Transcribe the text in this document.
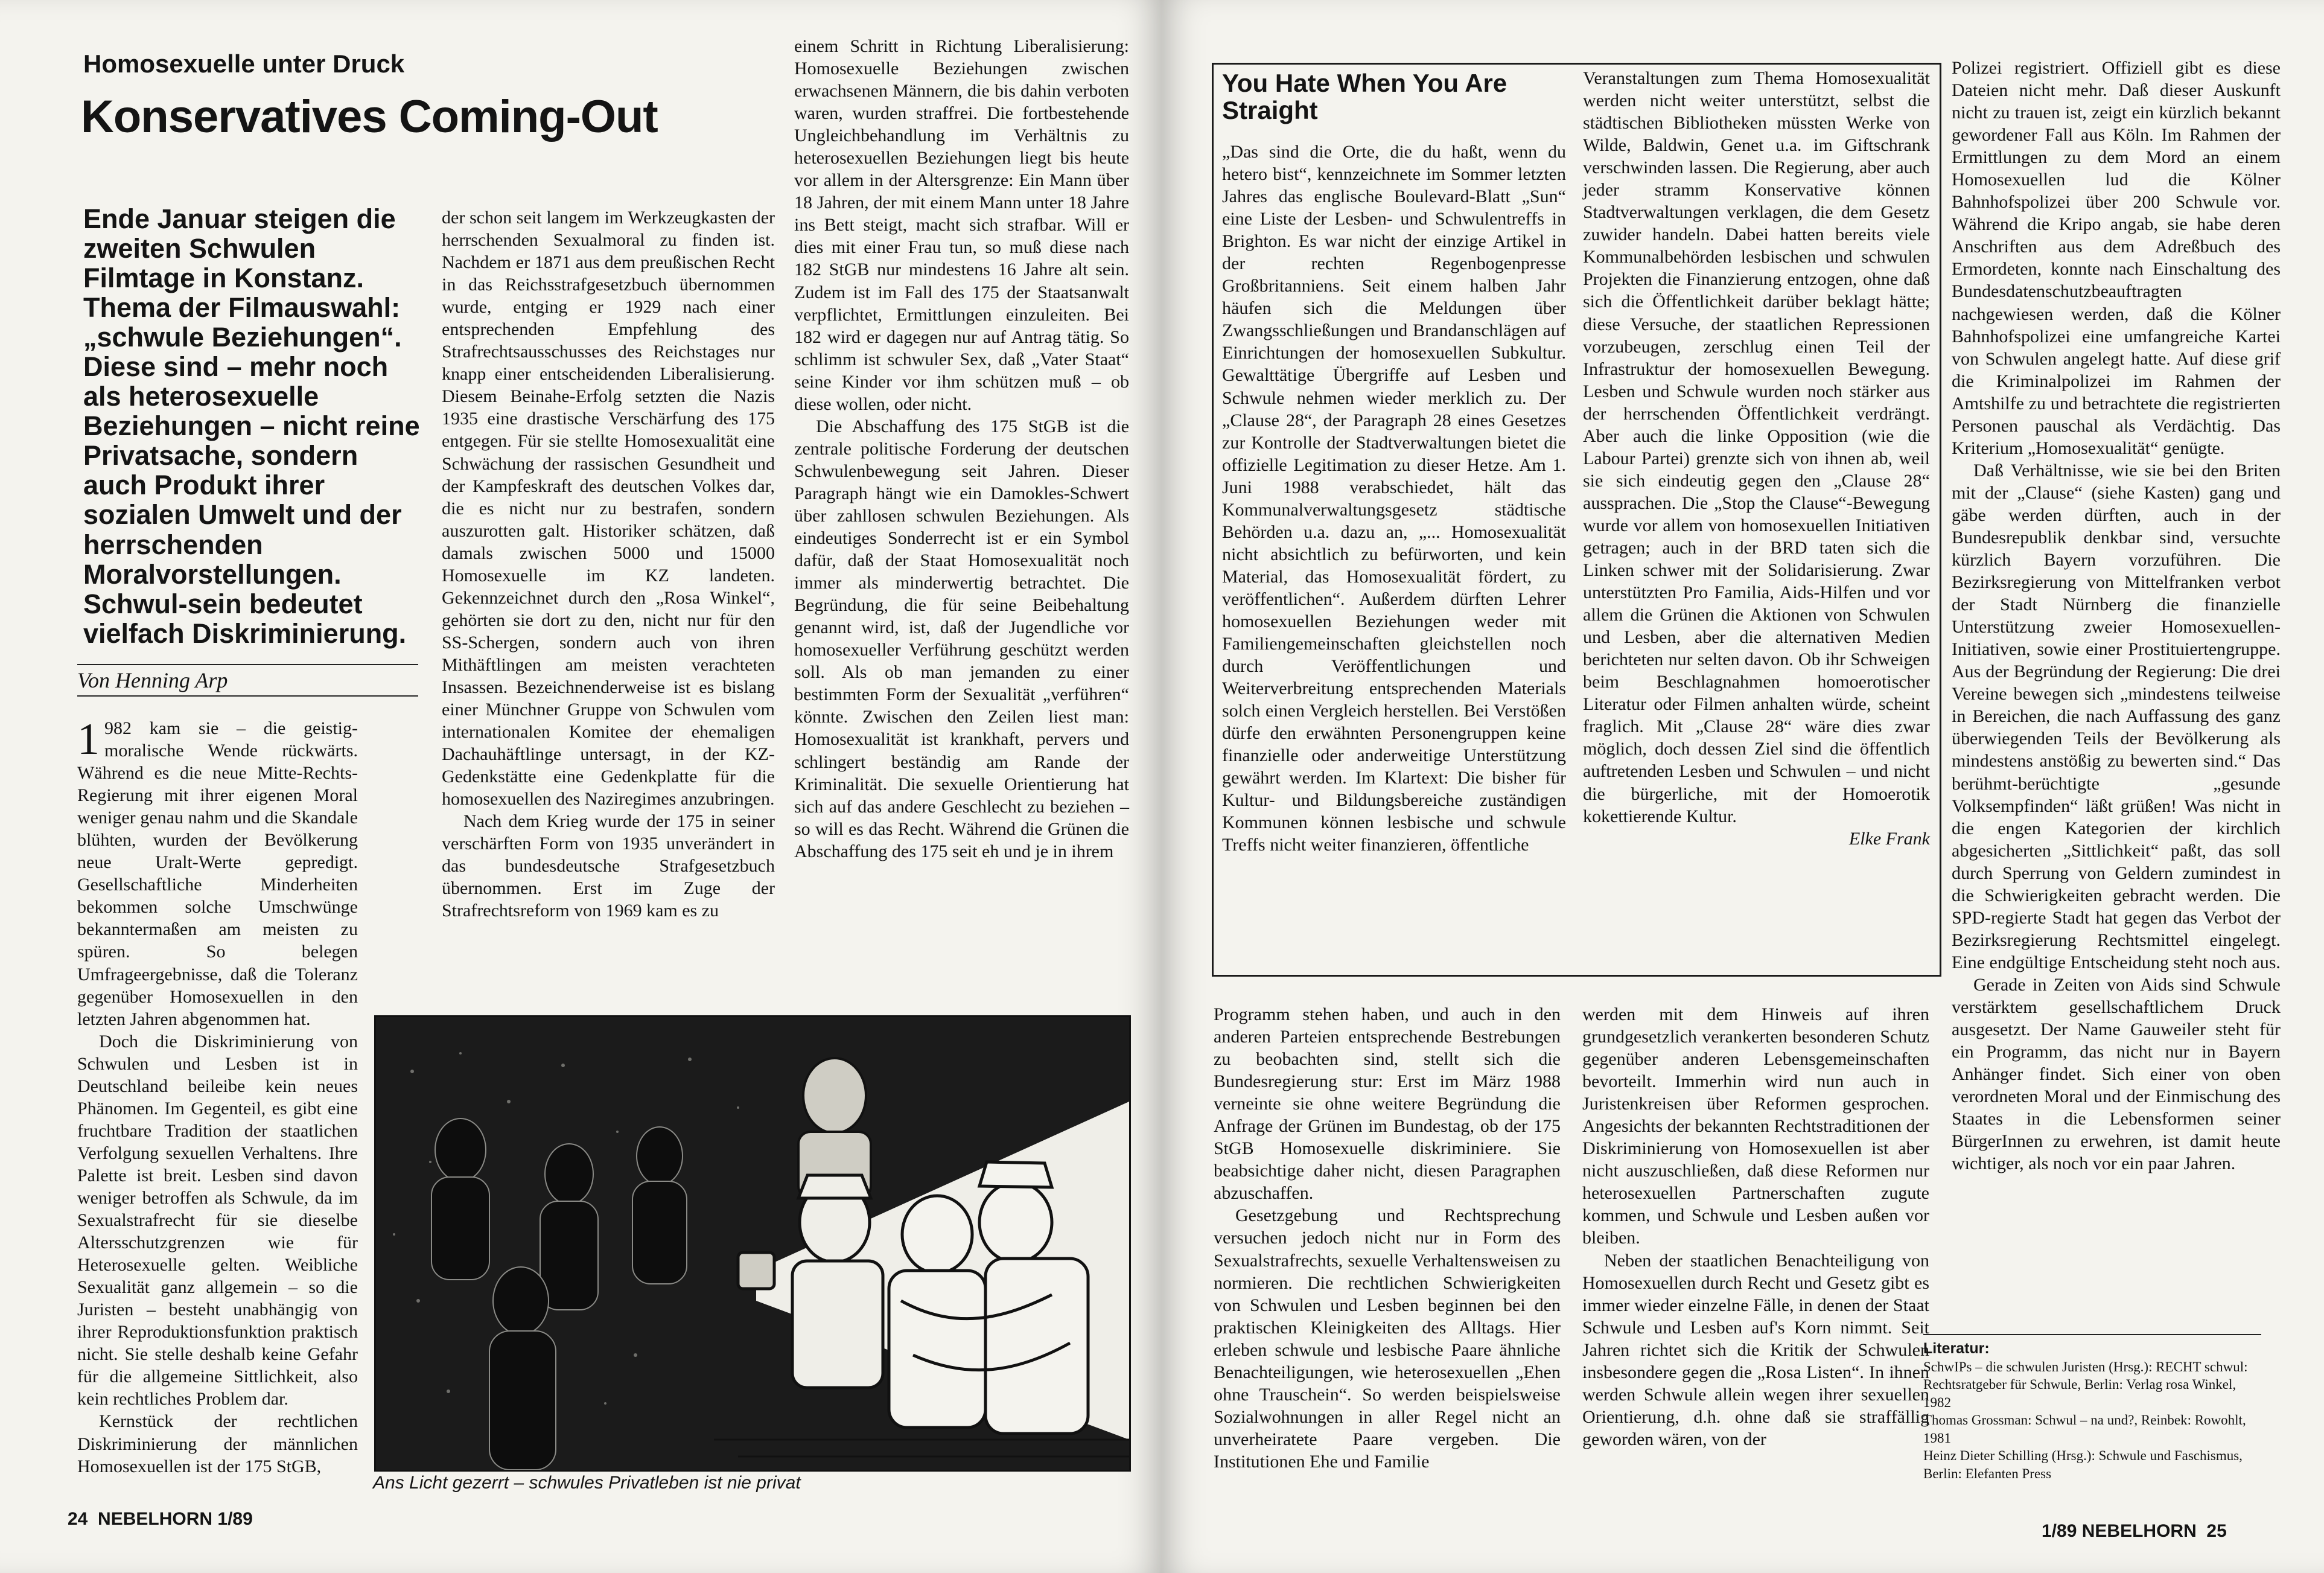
Homosexuelle unter Druck
Konservatives Coming-Out
Ende Januar steigen die zweiten Schwulen Filmtage in Konstanz. Thema der Filmauswahl: „schwule Beziehungen“. Diese sind – mehr noch als heterosexuelle Beziehungen – nicht reine Privatsache, sondern auch Produkt ihrer sozialen Umwelt und der herrschenden Moralvorstellungen. Schwul-sein bedeutet vielfach Diskriminierung.
Von Henning Arp

1 982 kam sie – die geistig-moralische Wende rückwärts. Während es die neue Mitte-Rechts-Regierung mit ihrer eigenen Moral weniger genau nahm und die Skandale blühten, wurden der Bevölkerung neue Uralt-Werte gepredigt. Gesellschaftliche Minderheiten bekommen solche Umschwünge bekanntermaßen am meisten zu spüren. So belegen Umfrageergebnisse, daß die Toleranz gegenüber Homosexuellen in den letzten Jahren abgenommen hat.

Doch die Diskriminierung von Schwulen und Lesben ist in Deutschland beileibe kein neues Phänomen. Im Gegenteil, es gibt eine fruchtbare Tradition der staatlichen Verfolgung sexuellen Verhaltens. Ihre Palette ist breit. Lesben sind davon weniger betroffen als Schwule, da im Sexualstrafrecht für sie dieselbe Altersschutzgrenzen wie für Heterosexuelle gelten. Weibliche Sexualität ganz allgemein – so die Juristen – besteht unabhängig von ihrer Reproduktionsfunktion praktisch nicht. Sie stelle deshalb keine Gefahr für die allgemeine Sittlichkeit, also kein rechtliches Problem dar.

Kernstück der rechtlichen Diskriminierung der männlichen Homosexuellen ist der 175 StGB,

der schon seit langem im Werkzeugkasten der herrschenden Sexualmoral zu finden ist. Nachdem er 1871 aus dem preußischen Recht in das Reichsstrafgesetzbuch übernommen wurde, entging er 1929 nach einer entsprechenden Empfehlung des Strafrechtsausschusses des Reichstages nur knapp einer entscheidenden Liberalisierung. Diesem Beinahe-Erfolg setzten die Nazis 1935 eine drastische Verschärfung des 175 entgegen. Für sie stellte Homosexualität eine Schwächung der rassischen Gesundheit und der Kampfeskraft des deutschen Volkes dar, die es nicht nur zu bestrafen, sondern auszurotten galt. Historiker schätzen, daß damals zwischen 5000 und 15000 Homosexuelle im KZ landeten. Gekennzeichnet durch den „Rosa Winkel“, gehörten sie dort zu den, nicht nur für den SS-Schergen, sondern auch von ihren Mithäftlingen am meisten verachteten Insassen. Bezeichnenderweise ist es bislang einer Münchner Gruppe von Schwulen vom internationalen Komitee der ehemaligen Dachauhäftlinge untersagt, in der KZ-Gedenkstätte eine Gedenkplatte für die homosexuellen des Naziregimes anzubringen.

Nach dem Krieg wurde der 175 in seiner verschärften Form von 1935 unverändert in das bundesdeutsche Strafgesetzbuch übernommen. Erst im Zuge der Strafrechtsreform von 1969 kam es zu

einem Schritt in Richtung Liberalisierung: Homosexuelle Beziehungen zwischen erwachsenen Männern, die bis dahin verboten waren, wurden straffrei. Die fortbestehende Ungleichbehandlung im Verhältnis zu heterosexuellen Beziehungen liegt bis heute vor allem in der Altersgrenze: Ein Mann über 18 Jahren, der mit einem Mann unter 18 Jahre ins Bett steigt, macht sich strafbar. Will er dies mit einer Frau tun, so muß diese nach 182 StGB nur mindestens 16 Jahre alt sein. Zudem ist im Fall des 175 der Staatsanwalt verpflichtet, Ermittlungen einzuleiten. Bei 182 wird er dagegen nur auf Antrag tätig. So schlimm ist schwuler Sex, daß „Vater Staat“ seine Kinder vor ihm schützen muß – ob diese wollen, oder nicht.

Die Abschaffung des 175 StGB ist die zentrale politische Forderung der deutschen Schwulenbewegung seit Jahren. Dieser Paragraph hängt wie ein Damokles-Schwert über zahllosen schwulen Beziehungen. Als eindeutiges Sonderrecht ist er ein Symbol dafür, daß der Staat Homosexualität noch immer als minderwertig betrachtet. Die Begründung, die für seine Beibehaltung genannt wird, ist, daß der Jugendliche vor homosexueller Verführung geschützt werden soll. Als ob man jemanden zu einer bestimmten Form der Sexualität „verführen“ könnte. Zwischen den Zeilen liest man: Homosexualität ist krankhaft, pervers und schlingert beständig am Rande der Kriminalität. Die sexuelle Orientierung hat sich auf das andere Geschlecht zu beziehen – so will es das Recht. Während die Grünen die Abschaffung des 175 seit eh und je in ihrem

Ans Licht gezerrt – schwules Privatleben ist nie privat
24 NEBELHORN 1/89
You Hate When You Are Straight

„Das sind die Orte, die du haßt, wenn du hetero bist“, kennzeichnete im Sommer letzten Jahres das englische Boulevard-Blatt „Sun“ eine Liste der Lesben- und Schwulentreffs in Brighton. Es war nicht der einzige Artikel in der rechten Regenbogenpresse Großbritanniens. Seit einem halben Jahr häufen sich die Meldungen über Zwangsschließungen und Brandanschlägen auf Einrichtungen der homosexuellen Subkultur. Gewalttätige Übergriffe auf Lesben und Schwule nehmen wieder merklich zu. Der „Clause 28“, der Paragraph 28 eines Gesetzes zur Kontrolle der Stadtverwaltungen bietet die offizielle Legitimation zu dieser Hetze. Am 1. Juni 1988 verabschiedet, hält das Kommunalverwaltungsgesetz städtische Behörden u.a. dazu an, „... Homosexualität nicht absichtlich zu befürworten, und kein Material, das Homosexualität fördert, zu veröffentlichen“. Außerdem dürften Lehrer homosexuellen Beziehungen weder mit Familiengemeinschaften gleichstellen noch durch Veröffentlichungen und Weiterverbreitung entsprechenden Materials solch einen Vergleich herstellen. Bei Verstößen dürfe den erwähnten Personengruppen keine finanzielle oder anderweitige Unterstützung gewährt werden. Im Klartext: Die bisher für Kultur- und Bildungsbereiche zuständigen Kommunen können lesbische und schwule Treffs nicht weiter finanzieren, öffentliche

Veranstaltungen zum Thema Homosexualität werden nicht weiter unterstützt, selbst die städtischen Bibliotheken müssten Werke von Wilde, Baldwin, Genet u.a. im Giftschrank verschwinden lassen. Die Regierung, aber auch jeder stramm Konservative können Stadtverwaltungen verklagen, die dem Gesetz zuwider handeln. Dabei hatten bereits viele Kommunalbehörden lesbischen und schwulen Projekten die Finanzierung entzogen, ohne daß sich die Öffentlichkeit darüber beklagt hätte; diese Versuche, der staatlichen Repressionen vorzubeugen, zerschlug einen Teil der Infrastruktur der homosexuellen Bewegung. Lesben und Schwule wurden noch stärker aus der herrschenden Öffentlichkeit verdrängt. Aber auch die linke Opposition (wie die Labour Partei) grenzte sich von ihnen ab, weil sie sich eindeutig gegen den „Clause 28“ aussprachen. Die „Stop the Clause“-Bewegung wurde vor allem von homosexuellen Initiativen getragen; auch in der BRD taten sich die Linken schwer mit der Solidarisierung. Zwar unterstützten Pro Familia, Aids-Hilfen und vor allem die Grünen die Aktionen von Schwulen und Lesben, aber die alternativen Medien berichteten nur selten davon. Ob ihr Schweigen beim Beschlagnahmen homoerotischer Literatur oder Filmen anhalten würde, scheint fraglich. Mit „Clause 28“ wäre dies zwar möglich, doch dessen Ziel sind die öffentlich auftretenden Lesben und Schwulen – und nicht die bürgerliche, mit der Homoerotik kokettierende Kultur.

Elke Frank

Programm stehen haben, und auch in den anderen Parteien entsprechende Bestrebungen zu beobachten sind, stellt sich die Bundesregierung stur: Erst im März 1988 verneinte sie ohne weitere Begründung die Anfrage der Grünen im Bundestag, ob der 175 StGB Homosexuelle diskriminiere. Sie beabsichtige daher nicht, diesen Paragraphen abzuschaffen.

Gesetzgebung und Rechtsprechung versuchen jedoch nicht nur in Form des Sexualstrafrechts, sexuelle Verhaltensweisen zu normieren. Die rechtlichen Schwierigkeiten von Schwulen und Lesben beginnen bei den praktischen Kleinigkeiten des Alltags. Hier erleben schwule und lesbische Paare ähnliche Benachteiligungen, wie heterosexuellen „Ehen ohne Trauschein“. So werden beispielsweise Sozialwohnungen in aller Regel nicht an unverheiratete Paare vergeben. Die Institutionen Ehe und Familie

werden mit dem Hinweis auf ihren grundgesetzlich verankerten besonderen Schutz gegenüber anderen Lebensgemeinschaften bevorteilt. Immerhin wird nun auch in Juristenkreisen über Reformen gesprochen. Angesichts der bekannten Rechtstraditionen der Diskriminierung von Homosexuellen ist aber nicht auszuschließen, daß diese Reformen nur heterosexuellen Partnerschaften zugute kommen, und Schwule und Lesben außen vor bleiben.

Neben der staatlichen Benachteiligung von Homosexuellen durch Recht und Gesetz gibt es immer wieder einzelne Fälle, in denen der Staat Schwule und Lesben auf's Korn nimmt. Seit Jahren richtet sich die Kritik der Schwulen insbesondere gegen die „Rosa Listen“. In ihnen werden Schwule allein wegen ihrer sexuellen Orientierung, d.h. ohne daß sie straffällig geworden wären, von der

Polizei registriert. Offiziell gibt es diese Dateien nicht mehr. Daß dieser Auskunft nicht zu trauen ist, zeigt ein kürzlich bekannt gewordener Fall aus Köln. Im Rahmen der Ermittlungen zu dem Mord an einem Homosexuellen lud die Kölner Bahnhofspolizei über 200 Schwule vor. Während die Kripo angab, sie habe deren Anschriften aus dem Adreßbuch des Ermordeten, konnte nach Einschaltung des Bundesdatenschutzbeauftragten nachgewiesen werden, daß die Kölner Bahnhofspolizei eine umfangreiche Kartei von Schwulen angelegt hatte. Auf diese grif die Kriminalpolizei im Rahmen der Amtshilfe zu und betrachtete die registrierten Personen pauschal als Verdächtig. Das Kriterium „Homosexualität“ genügte.

Daß Verhältnisse, wie sie bei den Briten mit der „Clause“ (siehe Kasten) gang und gäbe werden dürften, auch in der Bundesrepublik denkbar sind, versuchte kürzlich Bayern vorzuführen. Die Bezirksregierung von Mittelfranken verbot der Stadt Nürnberg die finanzielle Unterstützung zweier Homosexuellen-Initiativen, sowie einer Prostituiertengruppe. Aus der Begründung der Regierung: Die drei Vereine bewegen sich „mindestens teilweise in Bereichen, die nach Auffassung des ganz überwiegenden Teils der Bevölkerung als mindestens anstößig zu bewerten sind.“ Das berühmt-berüchtigte „gesunde Volksempfinden“ läßt grüßen! Was nicht in die engen Kategorien der kirchlich abgesicherten „Sittlichkeit“ paßt, das soll durch Sperrung von Geldern zumindest in die Schwierigkeiten gebracht werden. Die SPD-regierte Stadt hat gegen das Verbot der Bezirksregierung Rechtsmittel eingelegt. Eine endgültige Entscheidung steht noch aus.

Gerade in Zeiten von Aids sind Schwule verstärktem gesellschaftlichem Druck ausgesetzt. Der Name Gauweiler steht für ein Programm, das nicht nur in Bayern Anhänger findet. Sich einer von oben verordneten Moral und der Einmischung des Staates in die Lebensformen seiner BürgerInnen zu erwehren, ist damit heute wichtiger, als noch vor ein paar Jahren.

Literatur:
SchwIPs – die schwulen Juristen (Hrsg.): RECHT schwul: Rechtsratgeber für Schwule, Berlin: Verlag rosa Winkel, 1982
Thomas Grossman: Schwul – na und?, Reinbek: Rowohlt, 1981
Heinz Dieter Schilling (Hrsg.): Schwule und Faschismus, Berlin: Elefanten Press
1/89 NEBELHORN 25
